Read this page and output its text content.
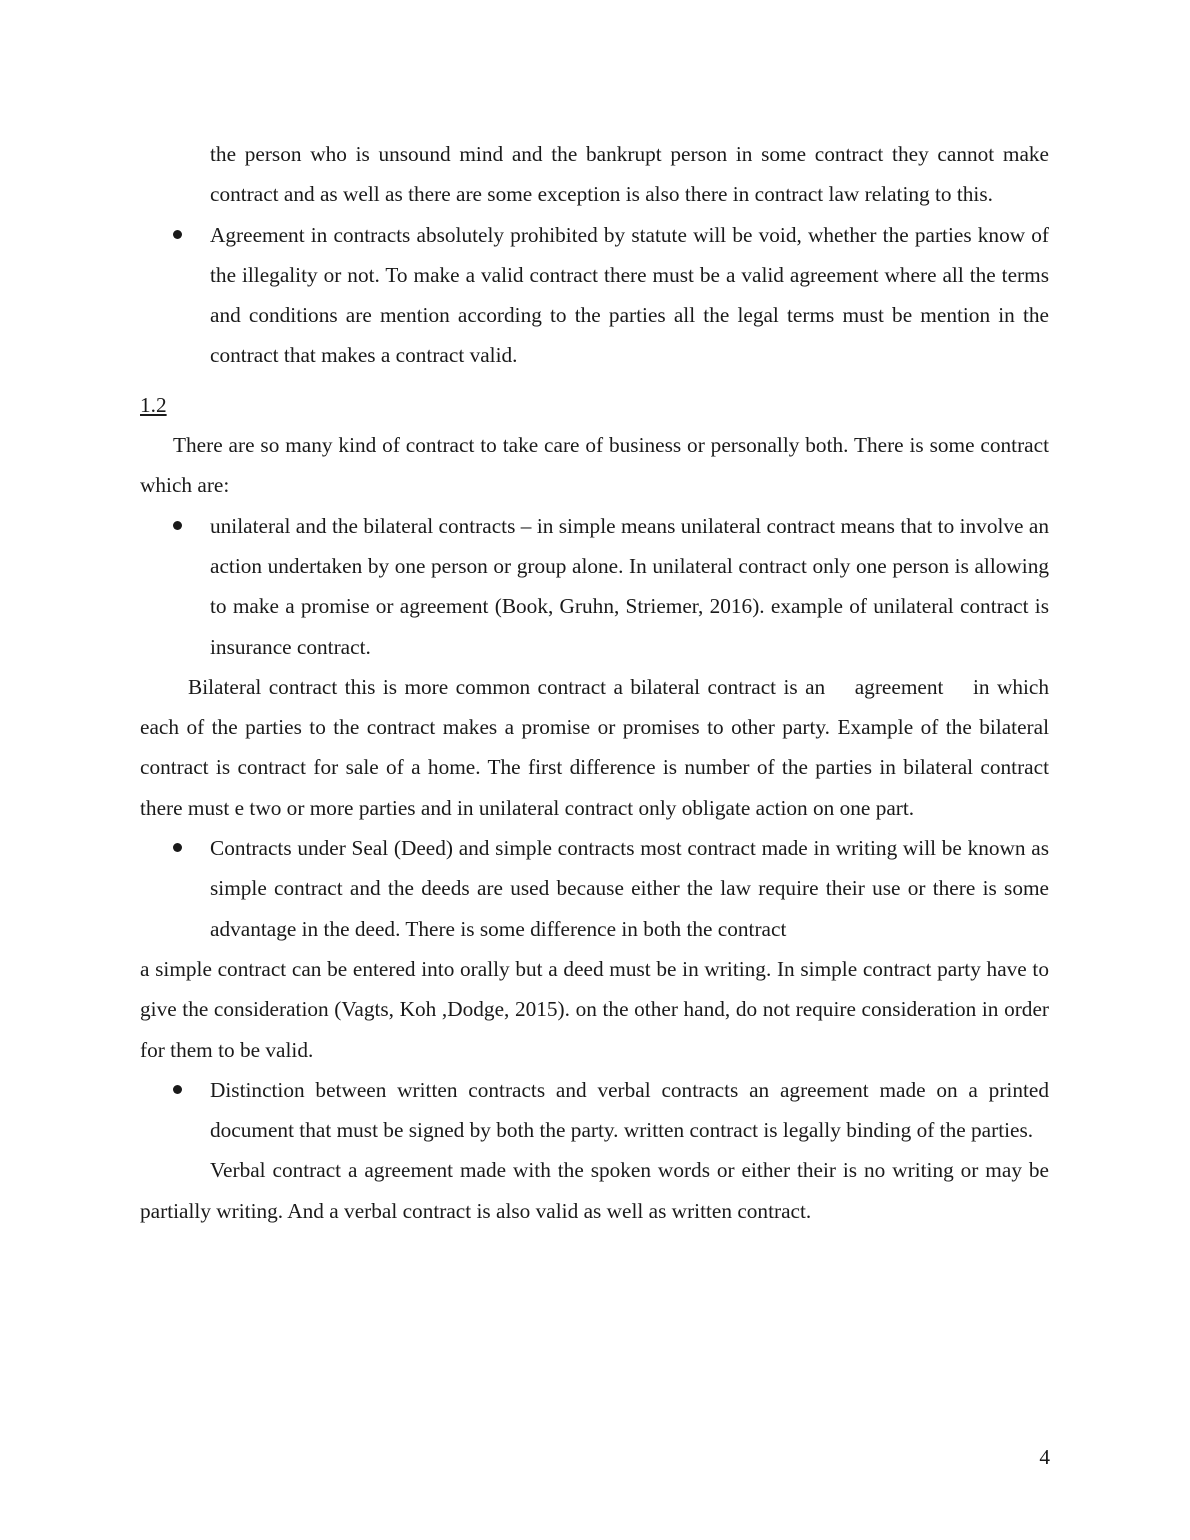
the person who is unsound mind and the bankrupt person in some contract they cannot make contract and as well as there are some exception is also there in contract law relating to this.

Agreement in contracts absolutely prohibited by statute will be void, whether the parties know of the illegality or not. To make a valid contract there must be a valid agreement where all the terms and conditions are mention according to the parties all the legal terms must be mention in the contract that makes a contract valid.

1.2

There are so many kind of contract to take care of business or personally both. There is some contract which are:

unilateral and the bilateral contracts – in simple means unilateral contract means that to involve an action undertaken by one person or group alone. In unilateral contract only one person is allowing to make a promise or agreement (Book, Gruhn, Striemer, 2016). example of unilateral contract is insurance contract.

Bilateral contract this is more common contract a bilateral contract is an    agreement    in which each of the parties to the contract makes a promise or promises to other party. Example of the bilateral contract is contract for sale of a home. The first difference is number of the parties in bilateral contract there must e two or more parties and in unilateral contract only obligate action on one part.

Contracts under Seal (Deed) and simple contracts most contract made in writing will be known as simple contract and the deeds are used because either the law require their use or there is some advantage in the deed. There is some difference in both the contract

a simple contract can be entered into orally but a deed must be in writing. In simple contract party have to give the consideration (Vagts, Koh ,Dodge, 2015). on the other hand, do not require consideration in order for them to be valid.

Distinction between written contracts and verbal contracts an agreement made on a printed document that must be signed by both the party. written contract is legally binding of the parties.

Verbal contract a agreement made with the spoken words or either their is no writing or may be partially writing. And a verbal contract is also valid as well as written contract.

4
